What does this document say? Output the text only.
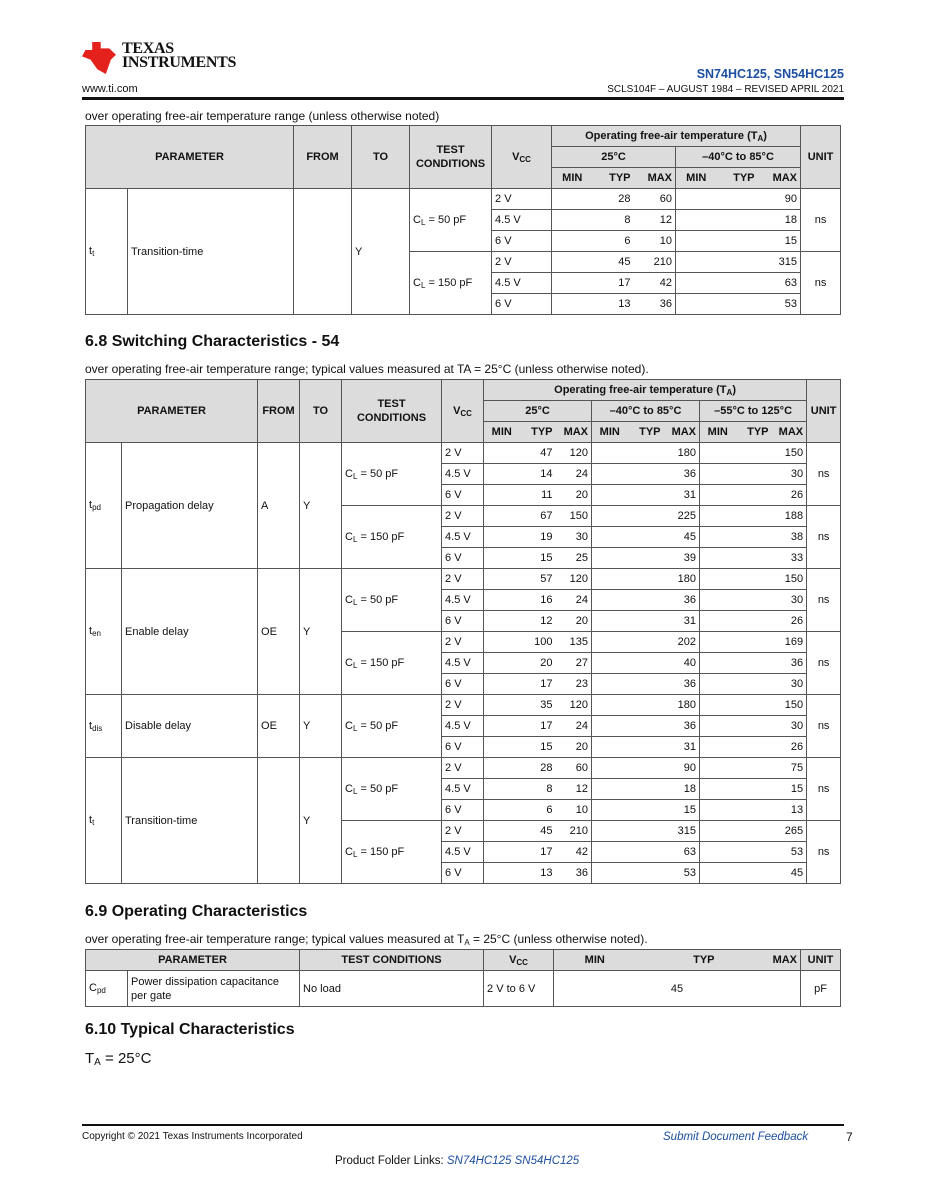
TEXAS
INSTRUMENTS
www.ti.com
SN74HC125, SN54HC125
SCLS104F – AUGUST 1984 – REVISED APRIL 2021
over operating free-air temperature range (unless otherwise noted)
PARAMETER		FROM	TO	TEST CONDITIONS	$V_{CC}$	Operating free-air temperature $(T_A)$						UNIT
						25°C			–40°C to 85°C			
						MIN	TYP	MAX	MIN	TYP	MAX	
$t_t$	Transition-time		Y	$C_L = 50$ pF	2 V		28	60			90	ns
					4.5 V		8	12			18	
					6 V		6	10			15	
				$C_L = 150$ pF	2 V		45	210			315	ns
					4.5 V		17	42			63	
					6 V		13	36			53	
6.8 Switching Characteristics - 54
over operating free-air temperature range; typical values measured at TA = 25°C (unless otherwise noted).
PARAMETER		FROM	TO	TEST CONDITIONS	$V_{CC}$	Operating free-air temperature $(T_A)$									UNIT
						25°C			–40°C to 85°C			–55°C to 125°C			
						MIN	TYP	MAX	MIN	TYP	MAX	MIN	TYP	MAX	
$t_{pd}$	Propagation delay	A	Y	$C_L = 50$ pF	2 V		47	120			180			150	ns
					4.5 V		14	24			36			30	
					6 V		11	20			31			26	
				$C_L = 150$ pF	2 V		67	150			225			188	ns
					4.5 V		19	30			45			38	
					6 V		15	25			39			33	
$t_{en}$	Enable delay	OE	Y	$C_L = 50$ pF	2 V		57	120			180			150	ns
					4.5 V		16	24			36			30	
					6 V		12	20			31			26	
				$C_L = 150$ pF	2 V		100	135			202			169	ns
					4.5 V		20	27			40			36	
					6 V		17	23			36			30	
$t_{dis}$	Disable delay	OE	Y	$C_L = 50$ pF	2 V		35	120			180			150	ns
					4.5 V		17	24			36			30	
					6 V		15	20			31			26	
$t_t$	Transition-time		Y	$C_L = 50$ pF	2 V		28	60			90			75	ns
					4.5 V		8	12			18			15	
					6 V		6	10			15			13	
				$C_L = 150$ pF	2 V		45	210			315			265	ns
					4.5 V		17	42			63			53	
					6 V		13	36			53			45	
6.9 Operating Characteristics
over operating free-air temperature range; typical values measured at $T_A = 25^\circ C$ (unless otherwise noted).
PARAMETER		TEST CONDITIONS	$V_{CC}$	MIN	TYP	MAX	UNIT
$C_{pd}$	Power dissipation capacitance per gate	No load	2 V to 6 V	45			pF
6.10 Typical Characteristics
$T_A = 25^\circ C$
Copyright © 2021 Texas Instruments Incorporated	Submit Document Feedback	7
Product Folder Links: SN74HC125 SN54HC125
